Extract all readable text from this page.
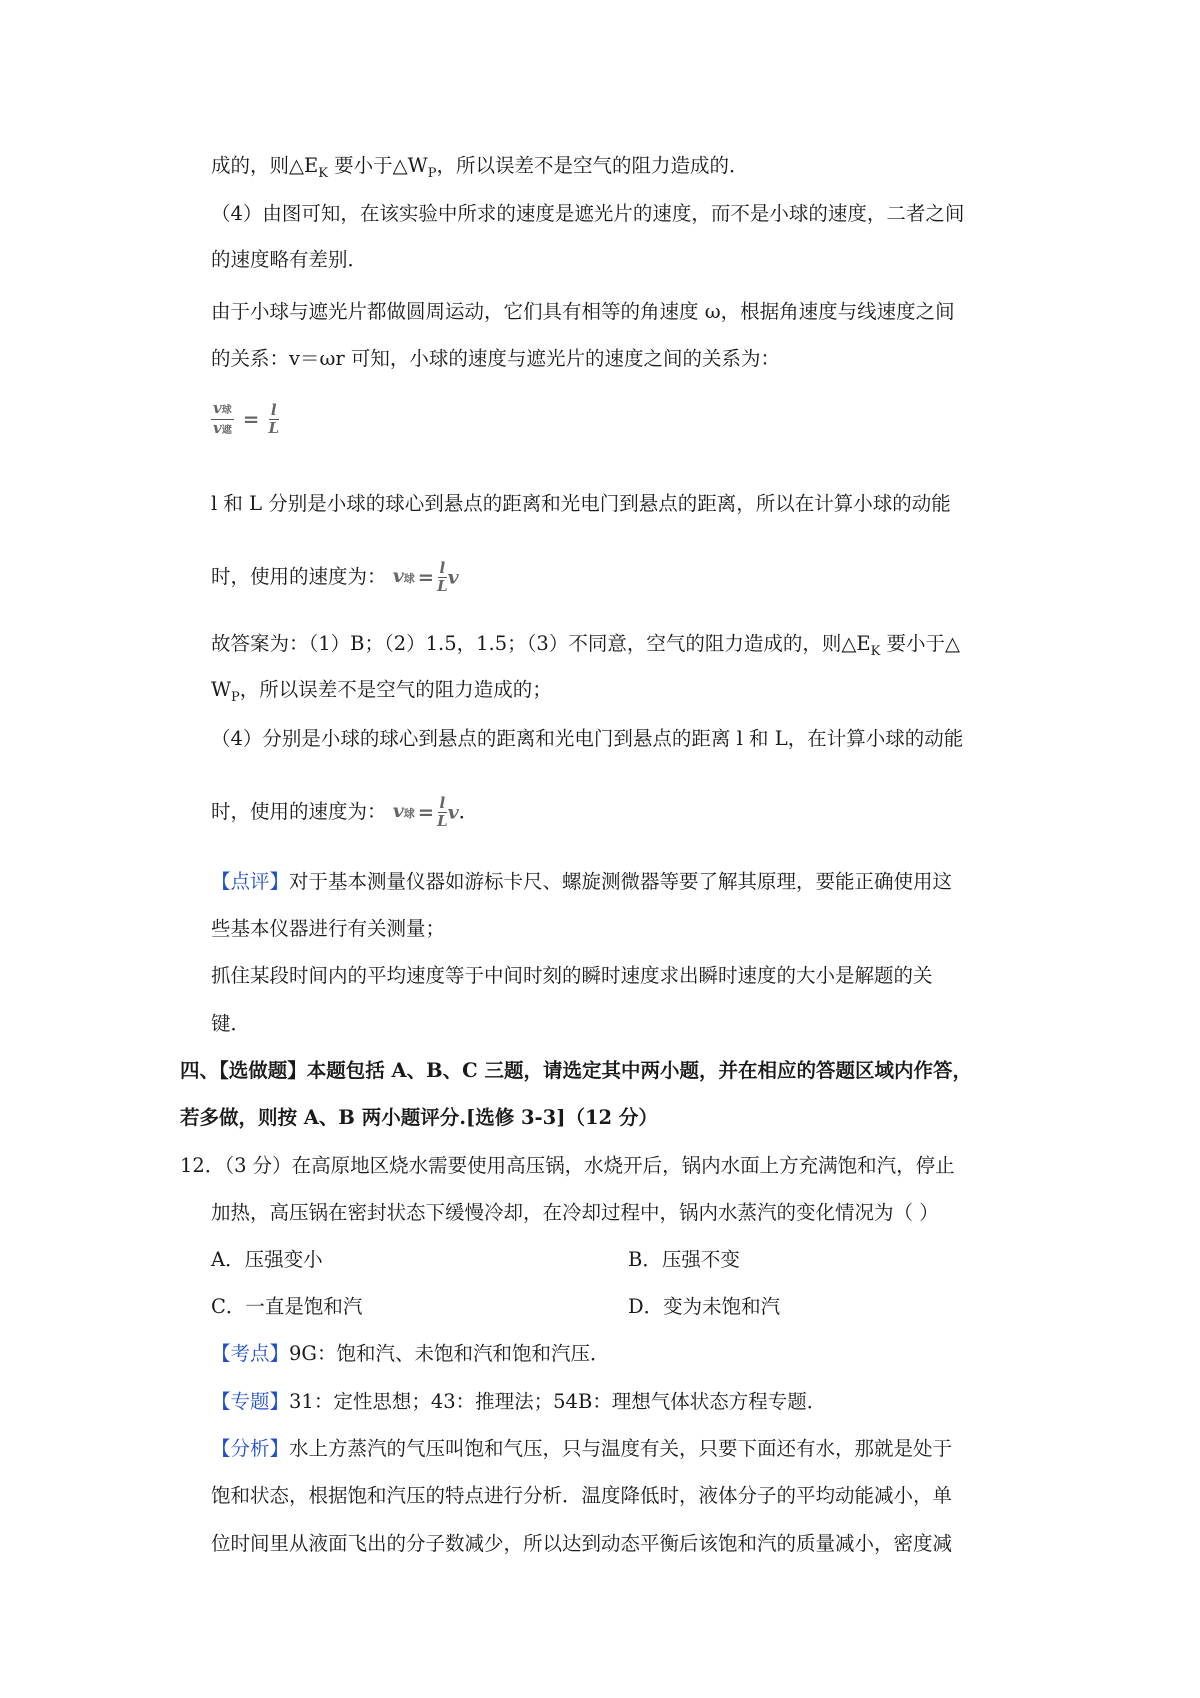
成的，则$\triangle E_K$ 要小于$\triangle W_P$，所以误差不是空气的阻力造成的．
（4）由图可知，在该实验中所求的速度是遮光片的速度，而不是小球的速度，二者之间
的速度略有差别．
由于小球与遮光片都做圆周运动，它们具有相等的角速度 ω，根据角速度与线速度之间
的关系：v＝ωr 可知，小球的速度与遮光片的速度之间的关系为：
$\frac{\text{v球}}{\text{v遮}} = \frac{l}{L}$
l 和 L 分别是小球的球心到悬点的距离和光电门到悬点的距离，所以在计算小球的动能
时，使用的速度为： v球 = $\frac{l}{L}$ v
故答案为：（1）B；（2）1.5，1.5；（3）不同意，空气的阻力造成的，则$\triangle E_K$ 要小于△
$W_P$，所以误差不是空气的阻力造成的；
（4）分别是小球的球心到悬点的距离和光电门到悬点的距离 l 和 L，在计算小球的动能
时，使用的速度为： v球 = $\frac{l}{L}$ v．
【点评】对于基本测量仪器如游标卡尺、螺旋测微器等要了解其原理，要能正确使用这
些基本仪器进行有关测量；
抓住某段时间内的平均速度等于中间时刻的瞬时速度求出瞬时速度的大小是解题的关
键．
四、【选做题】本题包括 A、B、C 三题，请选定其中两小题，并在相应的答题区域内作答，
若多做，则按 A、B 两小题评分.[选修 3-3]（12 分）
12．（3 分）在高原地区烧水需要使用高压锅，水烧开后，锅内水面上方充满饱和汽，停止
加热，高压锅在密封状态下缓慢冷却，在冷却过程中，锅内水蒸汽的变化情况为（ ）
A．压强变小	B．压强不变
C．一直是饱和汽	D．变为未饱和汽
【考点】9G：饱和汽、未饱和汽和饱和汽压．
【专题】31：定性思想；43：推理法；54B：理想气体状态方程专题．
【分析】水上方蒸汽的气压叫饱和气压，只与温度有关，只要下面还有水，那就是处于
饱和状态，根据饱和汽压的特点进行分析．温度降低时，液体分子的平均动能减小，单
位时间里从液面飞出的分子数减少，所以达到动态平衡后该饱和汽的质量减小，密度减
